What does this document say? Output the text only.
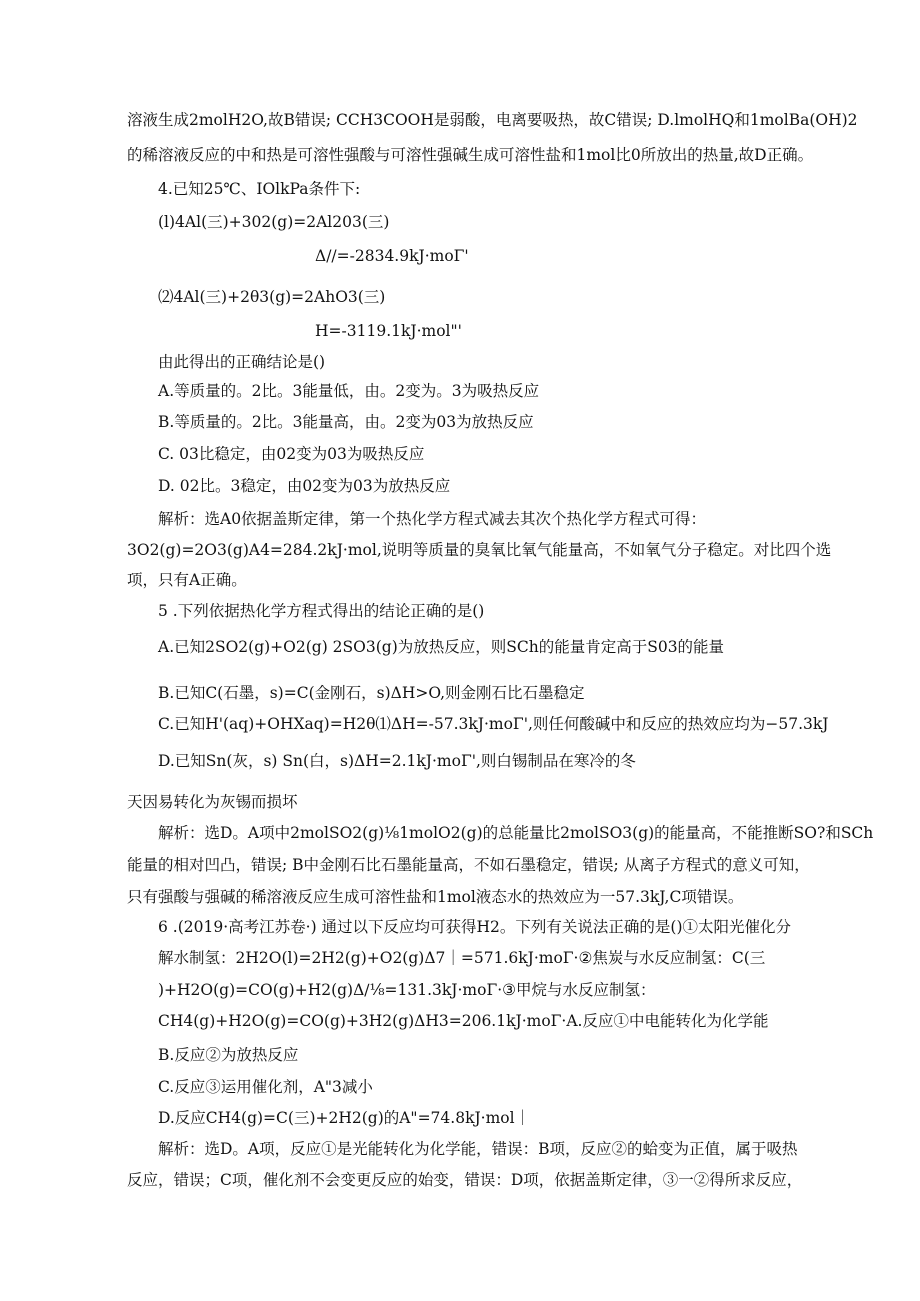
溶液生成2molH2O,故B错误; CCH3COOH是弱酸，电离要吸热，故C错误; D.lmolHQ和1molBa(OH)2
的稀溶液反应的中和热是可溶性强酸与可溶性强碱生成可溶性盐和1mol比0所放出的热量,故D正确。
4.已知25℃、IOlkPa条件下:
(l)4Al(三)+302(g)=2Al203(三)
Δ//=-2834.9kJ·moΓ'
⑵4Al(三)+2θ3(g)=2AhO3(三)
H=-3119.1kJ·mol"'
由此得出的正确结论是()
A.等质量的。2比。3能量低，由。2变为。3为吸热反应
B.等质量的。2比。3能量高，由。2变为03为放热反应
C. 03比稳定，由02变为03为吸热反应
D. 02比。3稳定，由02变为03为放热反应
解析：选A0依据盖斯定律，第一个热化学方程式减去其次个热化学方程式可得：
3O2(g)=2O3(g)A4=284.2kJ·mol,说明等质量的臭氧比氧气能量高，不如氧气分子稳定。对比四个选
项，只有A正确。
5 .下列依据热化学方程式得出的结论正确的是()
A.已知2SO2(g)+O2(g) 2SO3(g)为放热反应，则SCh的能量肯定高于S03的能量
B.已知C(石墨，s)=C(金刚石，s)ΔH>O,则金刚石比石墨稳定
C.已知H'(aq)+OHXaq)=H2θ⑴ΔH=-57.3kJ·moΓ',则任何酸碱中和反应的热效应均为−57.3kJ
D.已知Sn(灰，s) Sn(白，s)ΔH=2.1kJ·moΓ',则白锡制品在寒冷的冬
天因易转化为灰锡而损坏
解析：选D。A项中2molSO2(g)⅛1molO2(g)的总能量比2molSO3(g)的能量高，不能推断SO?和SCh
能量的相对凹凸，错误; B中金刚石比石墨能量高，不如石墨稳定，错误; 从离子方程式的意义可知，
只有强酸与强碱的稀溶液反应生成可溶性盐和1mol液态水的热效应为一57.3kJ,C项错误。
6 .(2019·高考江苏卷·) 通过以下反应均可获得H2。下列有关说法正确的是()①太阳光催化分
解水制氢：2H2O(l)=2H2(g)+O2(g)Δ7｜=571.6kJ·moΓ·②焦炭与水反应制氢：C(三
)+H2O(g)=CO(g)+H2(g)Δ∕⅛=131.3kJ·moΓ·③甲烷与水反应制氢：
CH4(g)+H2O(g)=CO(g)+3H2(g)ΔH3=206.1kJ·moΓ·A.反应①中电能转化为化学能
B.反应②为放热反应
C.反应③运用催化剂，A"3减小
D.反应CH4(g)=C(三)+2H2(g)的A"=74.8kJ·mol｜
解析：选D。A项，反应①是光能转化为化学能，错误：B项，反应②的蛤变为正值，属于吸热
反应，错误；C项，催化剂不会变更反应的始变，错误：D项，依据盖斯定律，③一②得所求反应，
